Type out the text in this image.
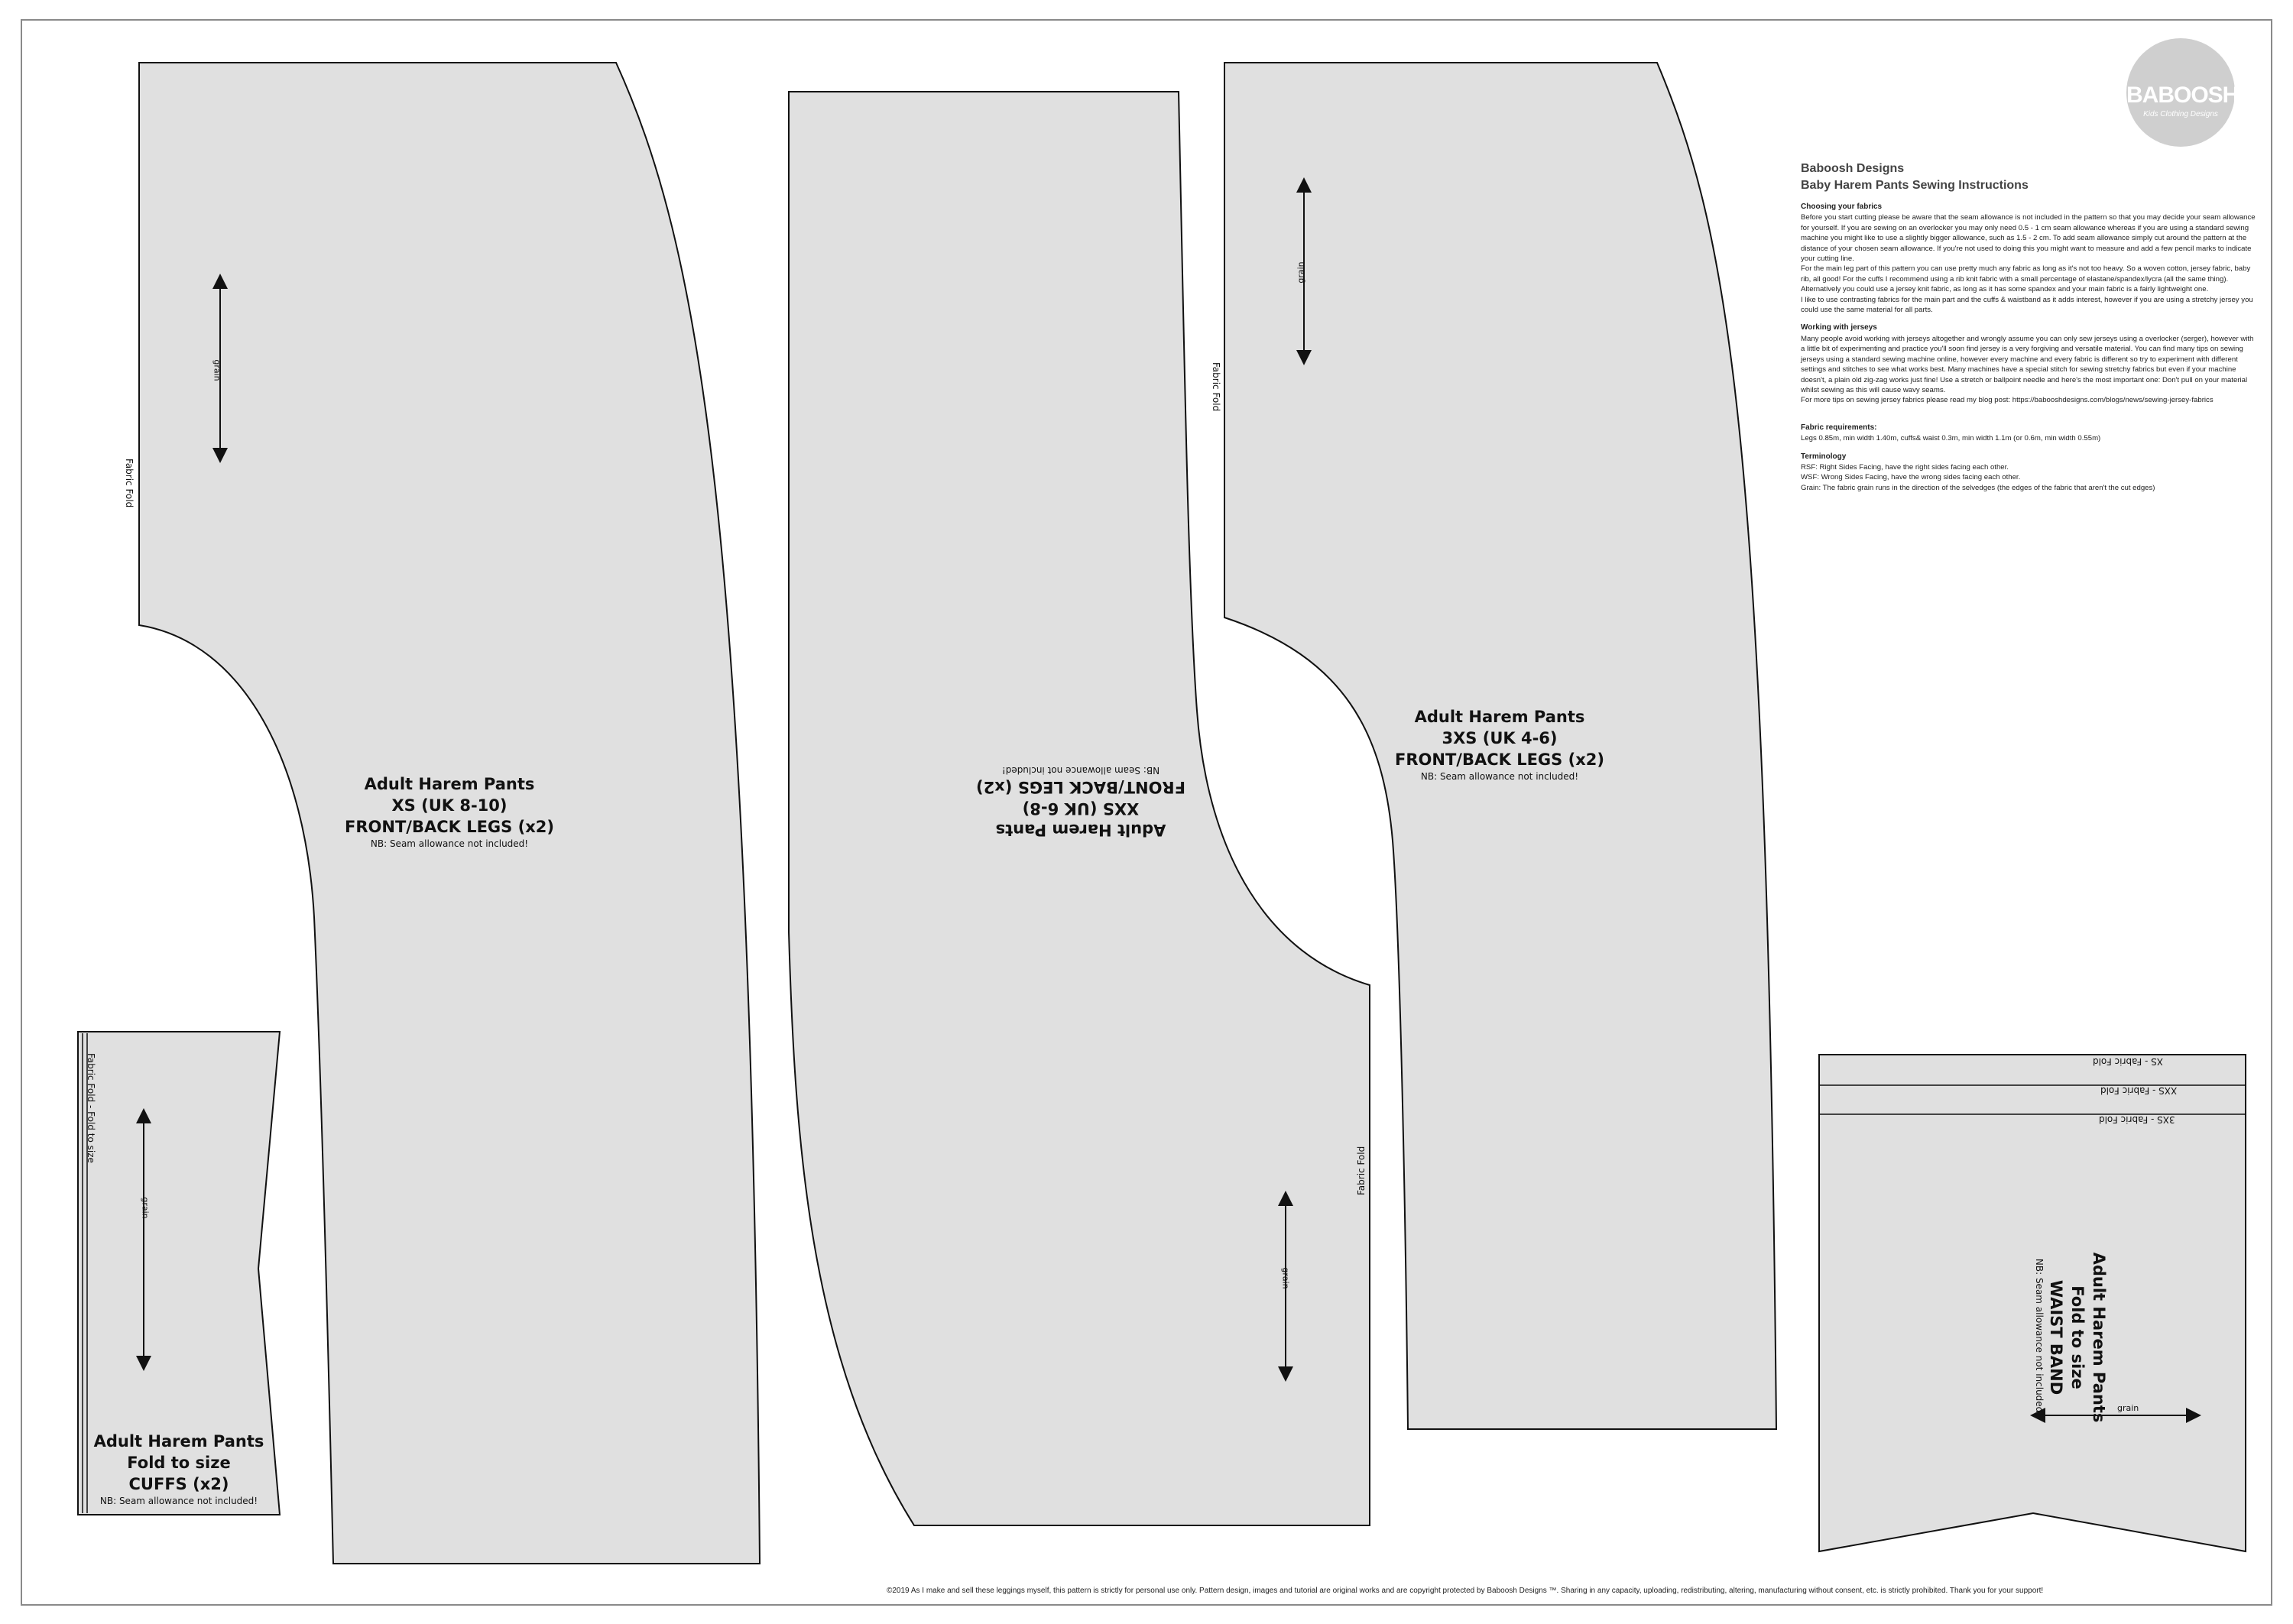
grain
grain
grain
grain
grain
Fabric Fold
Fabric Fold
Fabric Fold
Fabric Fold - Fold to size
Adult Harem Pants
XS (UK 8-10)
FRONT/BACK LEGS (x2)
NB: Seam allowance not included!
Adult Harem Pants
XXS (UK 6-8)
FRONT/BACK LEGS (x2)
NB: Seam allowance not included!
Adult Harem Pants
3XS (UK 4-6)
FRONT/BACK LEGS (x2)
NB: Seam allowance not included!
Adult Harem Pants
Fold to size
CUFFS (x2)
NB: Seam allowance not included!
Adult Harem Pants
Fold to size
WAIST BAND
NB: Seam allowance not included!
XS - Fabric Fold
XXS - Fabric Fold
3XS - Fabric Fold
BABOOSH
Kids Clothing Designs
Baboosh Designs
Baby Harem Pants Sewing Instructions
Choosing your fabrics

Before you start cutting please be aware that the seam allowance is not included in the pattern so that you may decide your seam allowance for yourself. If you are sewing on an overlocker you may only need 0.5 - 1 cm seam allowance whereas if you are using a standard sewing machine you might like to use a slightly bigger allowance, such as 1.5 - 2 cm. To add seam allowance simply cut around the pattern at the distance of your chosen seam allowance. If you're not used to doing this you might want to measure and add a few pencil marks to indicate your cutting line.

For the main leg part of this pattern you can use pretty much any fabric as long as it's not too heavy. So a woven cotton, jersey fabric, baby rib, all good! For the cuffs I recommend using a rib knit fabric with a small percentage of elastane/spandex/lycra (all the same thing). Alternatively you could use a jersey knit fabric, as long as it has some spandex and your main fabric is a fairly lightweight one.

I like to use contrasting fabrics for the main part and the cuffs & waistband as it adds interest, however if you are using a stretchy jersey you could use the same material for all parts.

Working with jerseys

Many people avoid working with jerseys altogether and wrongly assume you can only sew jerseys using a overlocker (serger), however with a little bit of experimenting and practice you'll soon find jersey is a very forgiving and versatile material. You can find many tips on sewing jerseys using a standard sewing machine online, however every machine and every fabric is different so try to experiment with different settings and stitches to see what works best. Many machines have a special stitch for sewing stretchy fabrics but even if your machine doesn't, a plain old zig-zag works just fine! Use a stretch or ballpoint needle and here's the most important one: Don't pull on your material whilst sewing as this will cause wavy seams.

For more tips on sewing jersey fabrics please read my blog post: https://babooshdesigns.com/blogs/news/sewing-jersey-fabrics

Fabric requirements:

Legs 0.85m, min width 1.40m, cuffs& waist 0.3m, min width 1.1m (or 0.6m, min width 0.55m)

Terminology

RSF: Right Sides Facing, have the right sides facing each other.

WSF: Wrong Sides Facing, have the wrong sides facing each other.

Grain: The fabric grain runs in the direction of the selvedges (the edges of the fabric that aren't the cut edges)

©2019 As I make and sell these leggings myself, this pattern is strictly for personal use only. Pattern design, images and tutorial are original works and are copyright protected by Baboosh Designs ™. Sharing in any capacity, uploading, redistributing, altering, manufacturing without consent, etc. is strictly prohibited. Thank you for your support!
